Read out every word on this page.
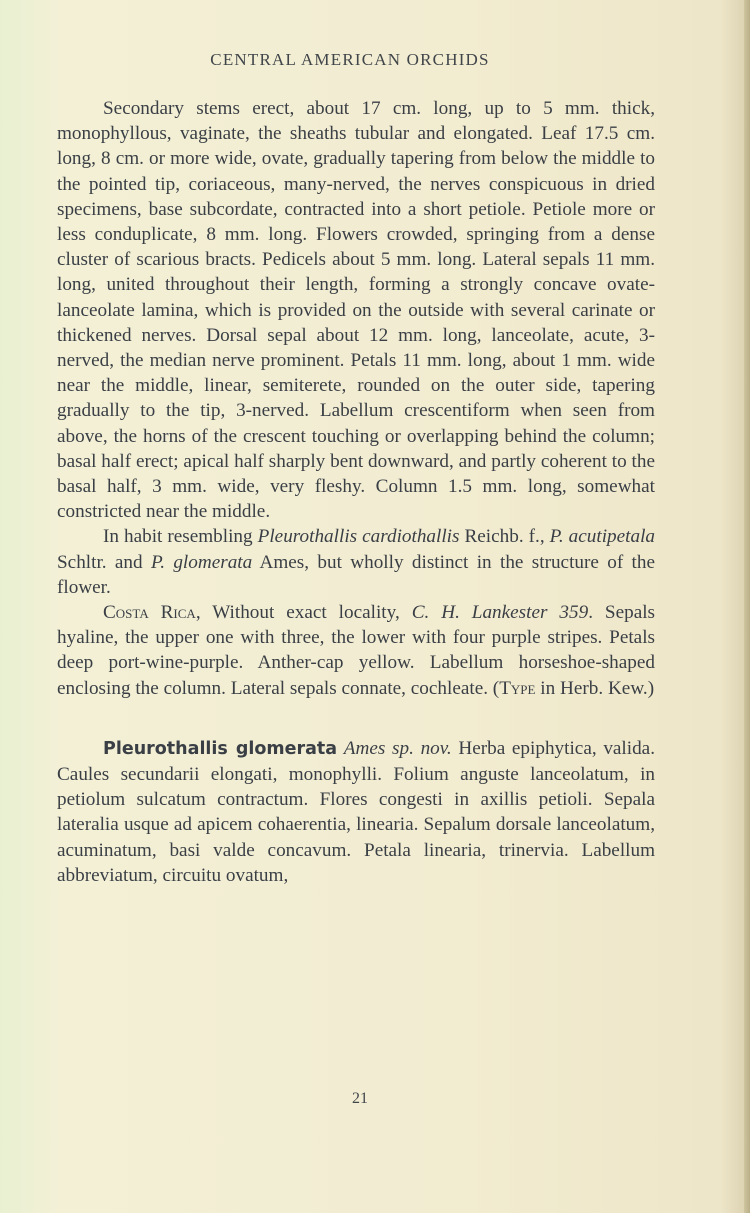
CENTRAL AMERICAN ORCHIDS

Secondary stems erect, about 17 cm. long, up to 5 mm. thick, monophyllous, vaginate, the sheaths tubular and elongated. Leaf 17.5 cm. long, 8 cm. or more wide, ovate, gradually tapering from below the middle to the pointed tip, coriaceous, many-nerved, the nerves conspicuous in dried specimens, base subcordate, contracted into a short petiole. Petiole more or less conduplicate, 8 mm. long. Flowers crowded, springing from a dense cluster of scarious bracts. Pedicels about 5 mm. long. Lateral sepals 11 mm. long, united throughout their length, forming a strongly concave ovate-lanceolate lamina, which is provided on the outside with several carinate or thickened nerves. Dorsal sepal about 12 mm. long, lanceolate, acute, 3-nerved, the median nerve prominent. Petals 11 mm. long, about 1 mm. wide near the middle, linear, semiterete, rounded on the outer side, tapering gradually to the tip, 3-nerved. Labellum crescentiform when seen from above, the horns of the crescent touching or overlapping behind the column; basal half erect; apical half sharply bent downward, and partly coherent to the basal half, 3 mm. wide, very fleshy. Column 1.5 mm. long, somewhat constricted near the middle.

In habit resembling Pleurothallis cardiothallis Reichb. f., P. acutipetala Schltr. and P. glomerata Ames, but wholly distinct in the structure of the flower.

Costa Rica, Without exact locality, C. H. Lankester 359. Sepals hyaline, the upper one with three, the lower with four purple stripes. Petals deep port-wine-purple. Anther-cap yellow. Labellum horseshoe-shaped enclosing the column. Lateral sepals connate, cochleate. (Type in Herb. Kew.)

Pleurothallis glomerata Ames sp. nov. Herba epiphytica, valida. Caules secundarii elongati, monophylli. Folium anguste lanceolatum, in petiolum sulcatum contractum. Flores congesti in axillis petioli. Sepala lateralia usque ad apicem cohaerentia, linearia. Sepalum dorsale lanceolatum, acuminatum, basi valde concavum. Petala linearia, trinervia. Labellum abbreviatum, circuitu ovatum,

21
